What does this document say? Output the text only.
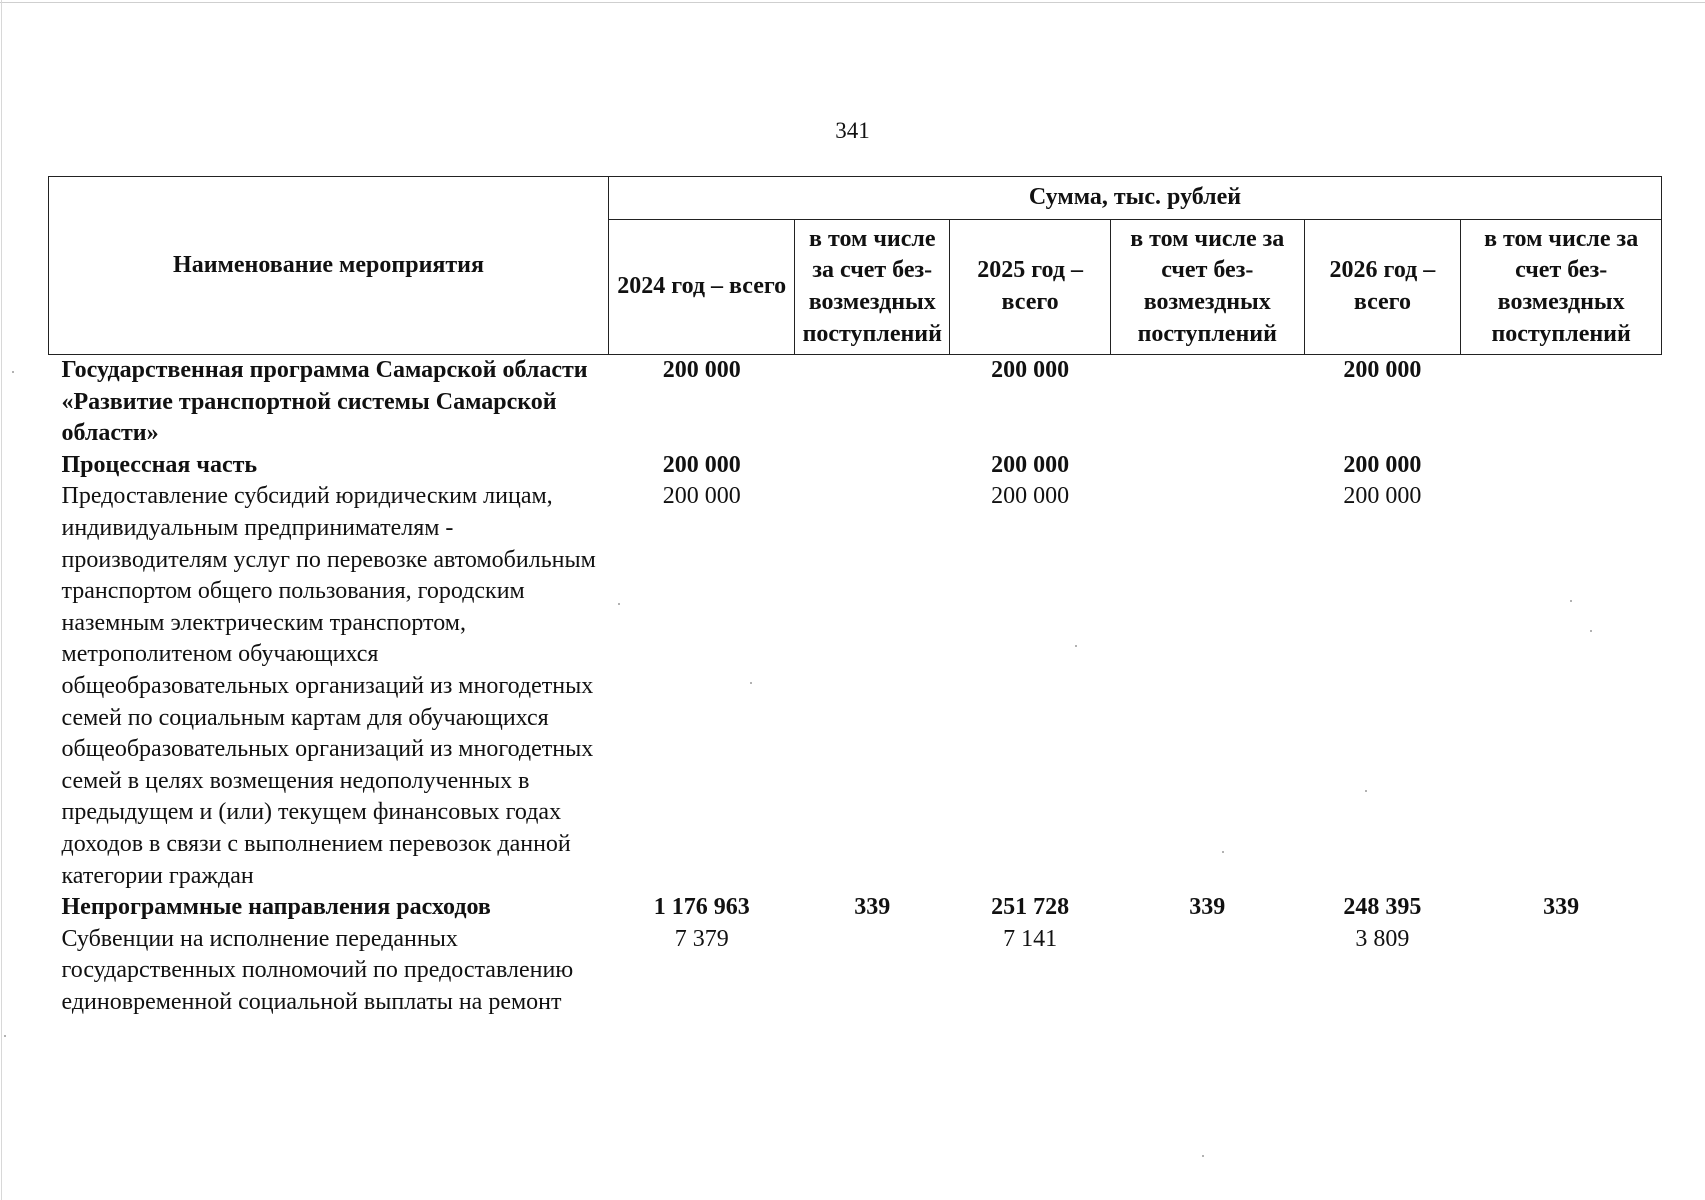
341
Наименование мероприятия	Сумма, тыс. рублей					
	2024 год – всего	в том числе за счет без-возмездных поступлений	2025 год – всего	в том числе за счет без-возмездных поступлений	2026 год – всего	в том числе за счет без-возмездных поступлений
Государственная программа Самарской области «Развитие транспортной системы Самарской области»	200 000		200 000		200 000	
Процессная часть	200 000		200 000		200 000	
Предоставление субсидий юридическим лицам, индивидуальным предпринимателям - производителям услуг по перевозке автомобильным транспортом общего пользования, городским наземным электрическим транспортом, метрополитеном обучающихся общеобразовательных организаций из многодетных семей по социальным картам для обучающихся общеобразовательных организаций из многодетных семей в целях возмещения недополученных в предыдущем и (или) текущем финансовых годах доходов в связи с выполнением перевозок данной категории граждан	200 000		200 000		200 000	
Непрограммные направления расходов	1 176 963	339	251 728	339	248 395	339
Субвенции на исполнение переданных государственных полномочий по предоставлению единовременной социальной выплаты на ремонт	7 379		7 141		3 809	
